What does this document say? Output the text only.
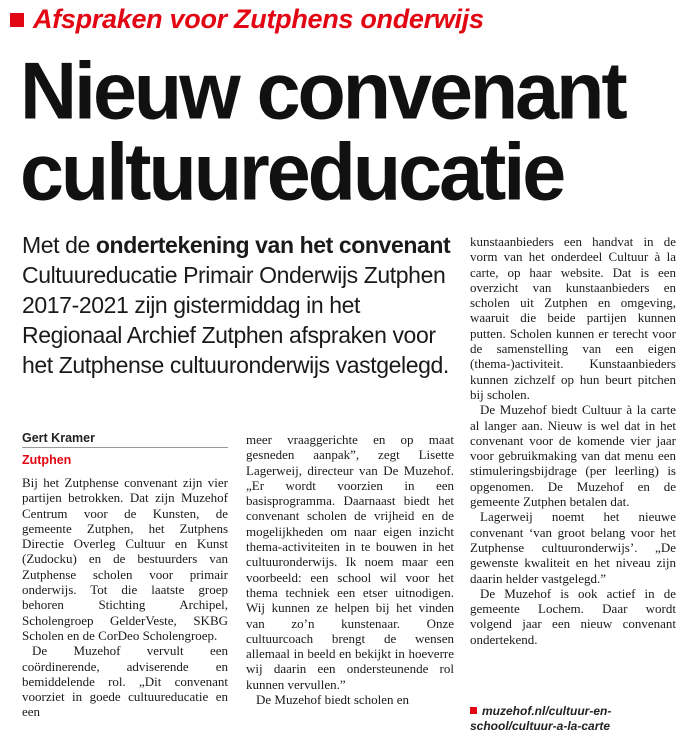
Afspraken voor Zutphens onderwijs
Nieuw convenant
cultuureducatie
Met de ondertekening van het convenant Cultuureducatie Primair Onderwijs Zutphen 2017-2021 zijn gistermiddag in het Regionaal Archief Zutphen afspraken voor het Zutphense cultuuronderwijs vastgelegd.
Gert Kramer
Zutphen

Bij het Zutphense convenant zijn vier partijen betrokken. Dat zijn Muzehof Centrum voor de Kunsten, de gemeente Zutphen, het Zutphens Directie Overleg Cultuur en Kunst (Zudocku) en de bestuurders van Zutphense scholen voor primair onderwijs. Tot die laatste groep behoren Stichting Archipel, Scholengroep GelderVeste, SKBG Scholen en de CorDeo Scholengroep.

De Muzehof vervult een coördinerende, adviserende en bemiddelende rol. „Dit convenant voorziet in goede cultuureducatie en een

meer vraaggerichte en op maat gesneden aanpak”, zegt Lisette Lagerweij, directeur van De Muzehof. „Er wordt voorzien in een basisprogramma. Daarnaast biedt het convenant scholen de vrijheid en de mogelijkheden om naar eigen inzicht thema-activiteiten in te bouwen in het cultuuronderwijs. Ik noem maar een voorbeeld: een school wil voor het thema techniek een etser uitnodigen. Wij kunnen ze helpen bij het vinden van zo’n kunstenaar. Onze cultuurcoach brengt de wensen allemaal in beeld en bekijkt in hoeverre wij daarin een ondersteunende rol kunnen vervullen.”

De Muzehof biedt scholen en

kunstaanbieders een handvat in de vorm van het onderdeel Cultuur à la carte, op haar website. Dat is een overzicht van kunstaanbieders en scholen uit Zutphen en omgeving, waaruit die beide partijen kunnen putten. Scholen kunnen er terecht voor de samenstelling van een eigen (thema-)activiteit. Kunstaanbieders kunnen zichzelf op hun beurt pitchen bij scholen.

De Muzehof biedt Cultuur à la carte al langer aan. Nieuw is wel dat in het convenant voor de komende vier jaar voor gebruikmaking van dat menu een stimuleringsbijdrage (per leerling) is opgenomen. De Muzehof en de gemeente Zutphen betalen dat.

Lagerweij noemt het nieuwe convenant ‘van groot belang voor het Zutphense cultuuronderwijs’. „De gewenste kwaliteit en het niveau zijn daarin helder vastgelegd.”

De Muzehof is ook actief in de gemeente Lochem. Daar wordt volgend jaar een nieuw convenant ondertekend.

muzehof.nl/cultuur-en-school/cultuur-a-la-carte
